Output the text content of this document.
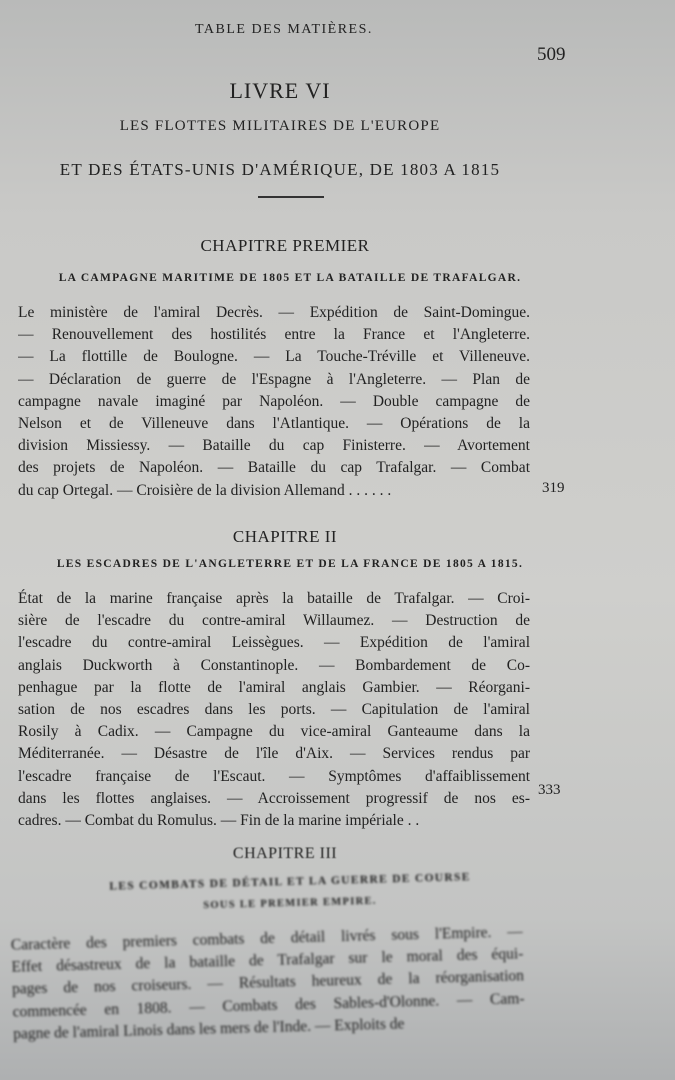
TABLE DES MATIÈRES.
509
LIVRE VI
LES FLOTTES MILITAIRES DE L'EUROPE
ET DES ÉTATS-UNIS D'AMÉRIQUE, DE 1803 A 1815
CHAPITRE PREMIER
LA CAMPAGNE MARITIME DE 1805 ET LA BATAILLE DE TRAFALGAR.
Le ministère de l'amiral Decrès. — Expédition de Saint-Domingue.
— Renouvellement des hostilités entre la France et l'Angleterre.
— La flottille de Boulogne. — La Touche-Tréville et Villeneuve.
— Déclaration de guerre de l'Espagne à l'Angleterre. — Plan de
campagne navale imaginé par Napoléon. — Double campagne de
Nelson et de Villeneuve dans l'Atlantique. — Opérations de la
division Missiessy. — Bataille du cap Finisterre. — Avortement
des projets de Napoléon. — Bataille du cap Trafalgar. — Combat
du cap Ortegal. — Croisière de la division Allemand . . . . . .	319
CHAPITRE II
LES ESCADRES DE L'ANGLETERRE ET DE LA FRANCE DE 1805 A 1815.
État de la marine française après la bataille de Trafalgar. — Croi-
sière de l'escadre du contre-amiral Willaumez. — Destruction de
l'escadre du contre-amiral Leissègues. — Expédition de l'amiral
anglais Duckworth à Constantinople. — Bombardement de Co-
penhague par la flotte de l'amiral anglais Gambier. — Réorgani-
sation de nos escadres dans les ports. — Capitulation de l'amiral
Rosily à Cadix. — Campagne du vice-amiral Ganteaume dans la
Méditerranée. — Désastre de l'île d'Aix. — Services rendus par
l'escadre française de l'Escaut. — Symptômes d'affaiblissement
dans les flottes anglaises. — Accroissement progressif de nos es-
cadres. — Combat du Romulus. — Fin de la marine impériale . .
333
CHAPITRE III
LES COMBATS DE DÉTAIL ET LA GUERRE DE COURSE
SOUS LE PREMIER EMPIRE.
Caractère des premiers combats de détail livrés sous l'Empire. —
Effet désastreux de la bataille de Trafalgar sur le moral des équi-
pages de nos croiseurs. — Résultats heureux de la réorganisation
commencée en 1808. — Combats des Sables-d'Olonne. — Cam-
pagne de l'amiral Linois dans les mers de l'Inde. — Exploits de
